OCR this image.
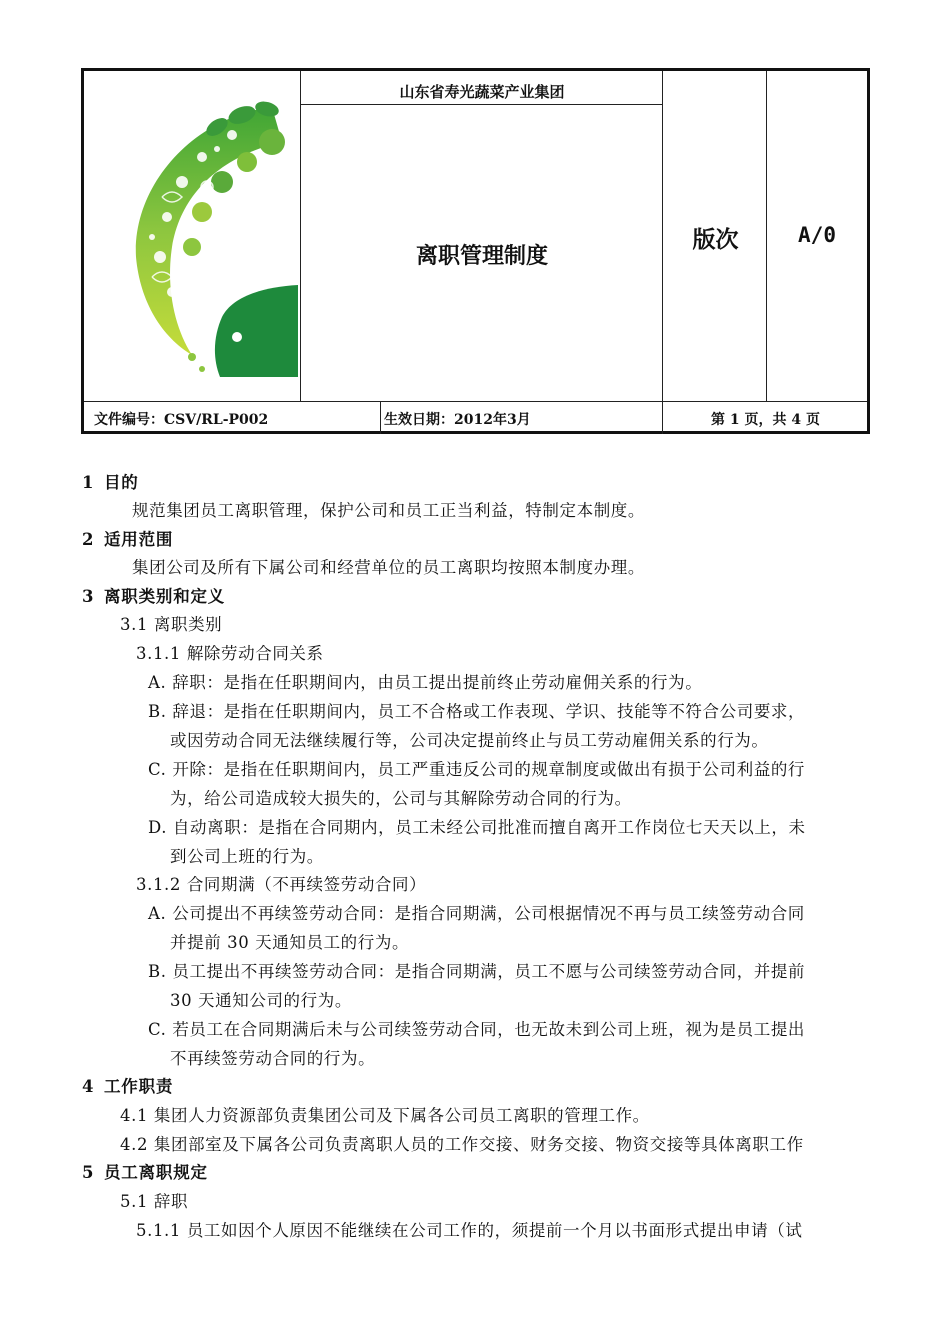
山东省寿光蔬菜产业集团
离职管理制度
版次	A/0
文件编号：CSV/RL-P002	生效日期：2012年3月	第 1 页，共 4 页
1 目的
规范集团员工离职管理，保护公司和员工正当利益，特制定本制度。
2 适用范围
集团公司及所有下属公司和经营单位的员工离职均按照本制度办理。
3 离职类别和定义
3.1 离职类别
3.1.1 解除劳动合同关系
A. 辞职：是指在任职期间内，由员工提出提前终止劳动雇佣关系的行为。
B. 辞退：是指在任职期间内，员工不合格或工作表现、学识、技能等不符合公司要求，
或因劳动合同无法继续履行等，公司决定提前终止与员工劳动雇佣关系的行为。
C. 开除：是指在任职期间内，员工严重违反公司的规章制度或做出有损于公司利益的行
为，给公司造成较大损失的，公司与其解除劳动合同的行为。
D. 自动离职：是指在合同期内，员工未经公司批准而擅自离开工作岗位七天天以上，未
到公司上班的行为。
3.1.2 合同期满（不再续签劳动合同）
A. 公司提出不再续签劳动合同：是指合同期满，公司根据情况不再与员工续签劳动合同
并提前 30 天通知员工的行为。
B. 员工提出不再续签劳动合同：是指合同期满，员工不愿与公司续签劳动合同，并提前
30 天通知公司的行为。
C. 若员工在合同期满后未与公司续签劳动合同，也无故未到公司上班，视为是员工提出
不再续签劳动合同的行为。
4 工作职责
4.1 集团人力资源部负责集团公司及下属各公司员工离职的管理工作。
4.2 集团部室及下属各公司负责离职人员的工作交接、财务交接、物资交接等具体离职工作
5 员工离职规定
5.1 辞职
5.1.1 员工如因个人原因不能继续在公司工作的，须提前一个月以书面形式提出申请（试
